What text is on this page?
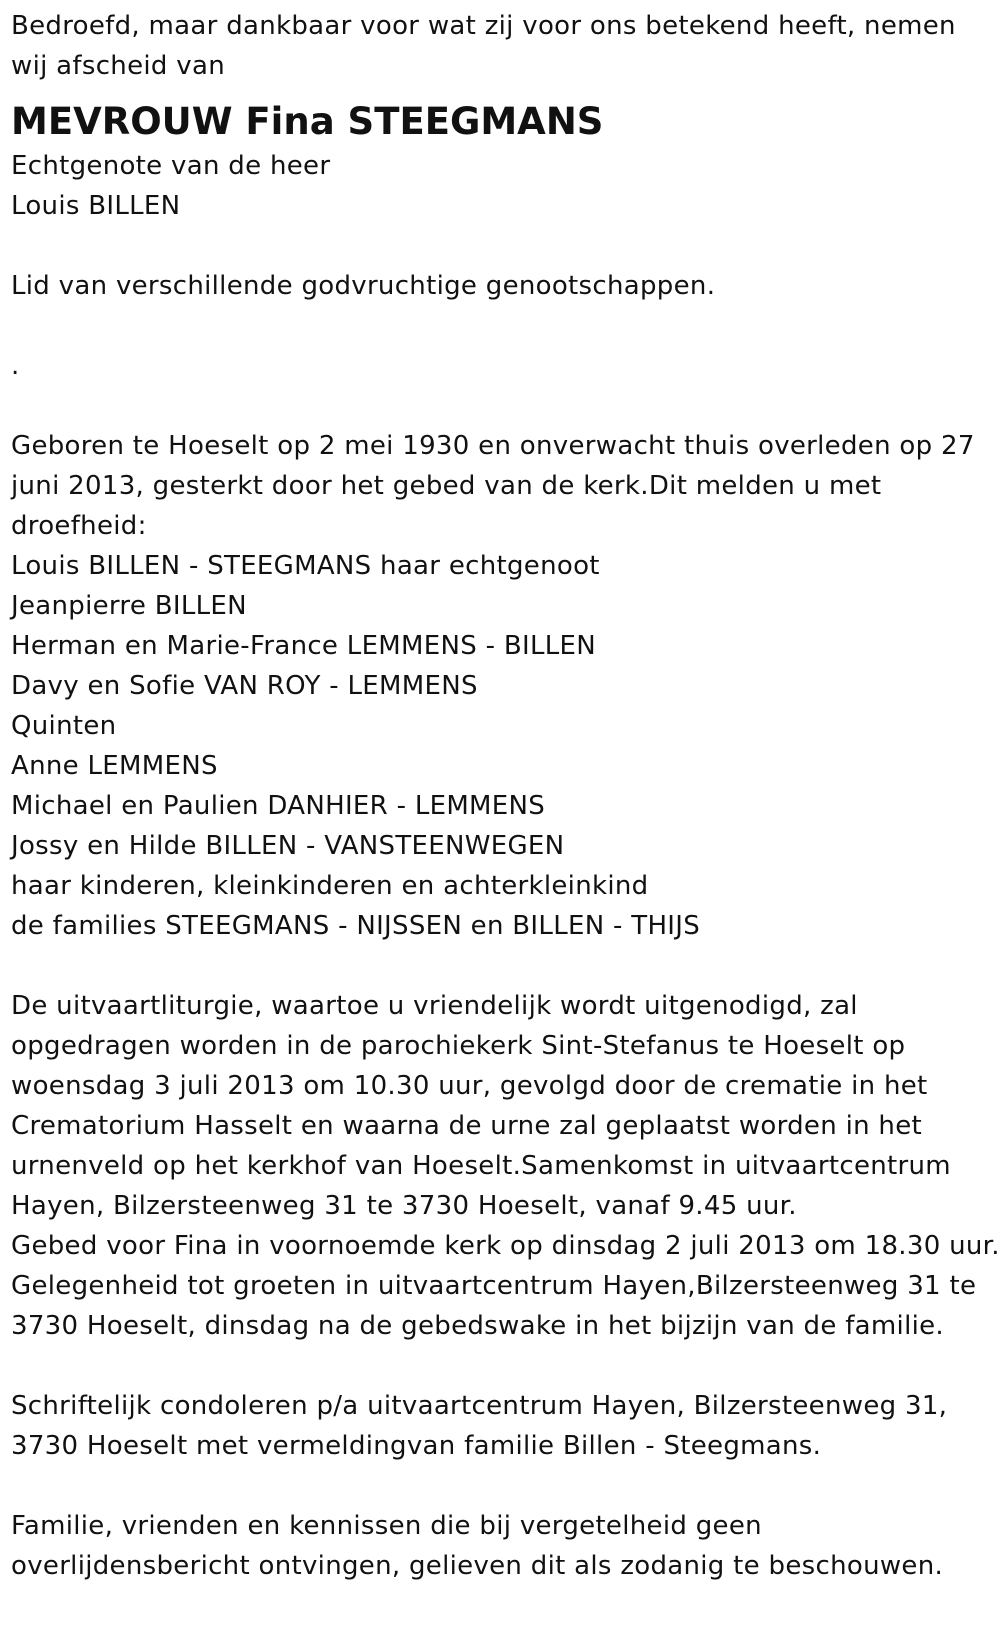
Bedroefd, maar dankbaar voor wat zij voor ons betekend heeft, nemen
wij afscheid van
MEVROUW Fina STEEGMANS
Echtgenote van de heer
Louis BILLEN
Lid van verschillende godvruchtige genootschappen.
.
Geboren te Hoeselt op 2 mei 1930 en onverwacht thuis overleden op 27
juni 2013, gesterkt door het gebed van de kerk.Dit melden u met
droefheid:
Louis BILLEN - STEEGMANS haar echtgenoot
Jeanpierre BILLEN
Herman en Marie-France LEMMENS - BILLEN
Davy en Sofie VAN ROY - LEMMENS
Quinten
Anne LEMMENS
Michael en Paulien DANHIER - LEMMENS
Jossy en Hilde BILLEN - VANSTEENWEGEN
haar kinderen, kleinkinderen en achterkleinkind
de families STEEGMANS - NIJSSEN en BILLEN - THIJS
De uitvaartliturgie, waartoe u vriendelijk wordt uitgenodigd, zal
opgedragen worden in de parochiekerk Sint-Stefanus te Hoeselt op
woensdag 3 juli 2013 om 10.30 uur, gevolgd door de crematie in het
Crematorium Hasselt en waarna de urne zal geplaatst worden in het
urnenveld op het kerkhof van Hoeselt.Samenkomst in uitvaartcentrum
Hayen, Bilzersteenweg 31 te 3730 Hoeselt, vanaf 9.45 uur.
Gebed voor Fina in voornoemde kerk op dinsdag 2 juli 2013 om 18.30 uur.
Gelegenheid tot groeten in uitvaartcentrum Hayen,Bilzersteenweg 31 te
3730 Hoeselt, dinsdag na de gebedswake in het bijzijn van de familie.
Schriftelijk condoleren p/a uitvaartcentrum Hayen, Bilzersteenweg 31,
3730 Hoeselt met vermeldingvan familie Billen - Steegmans.
Familie, vrienden en kennissen die bij vergetelheid geen
overlijdensbericht ontvingen, gelieven dit als zodanig te beschouwen.
